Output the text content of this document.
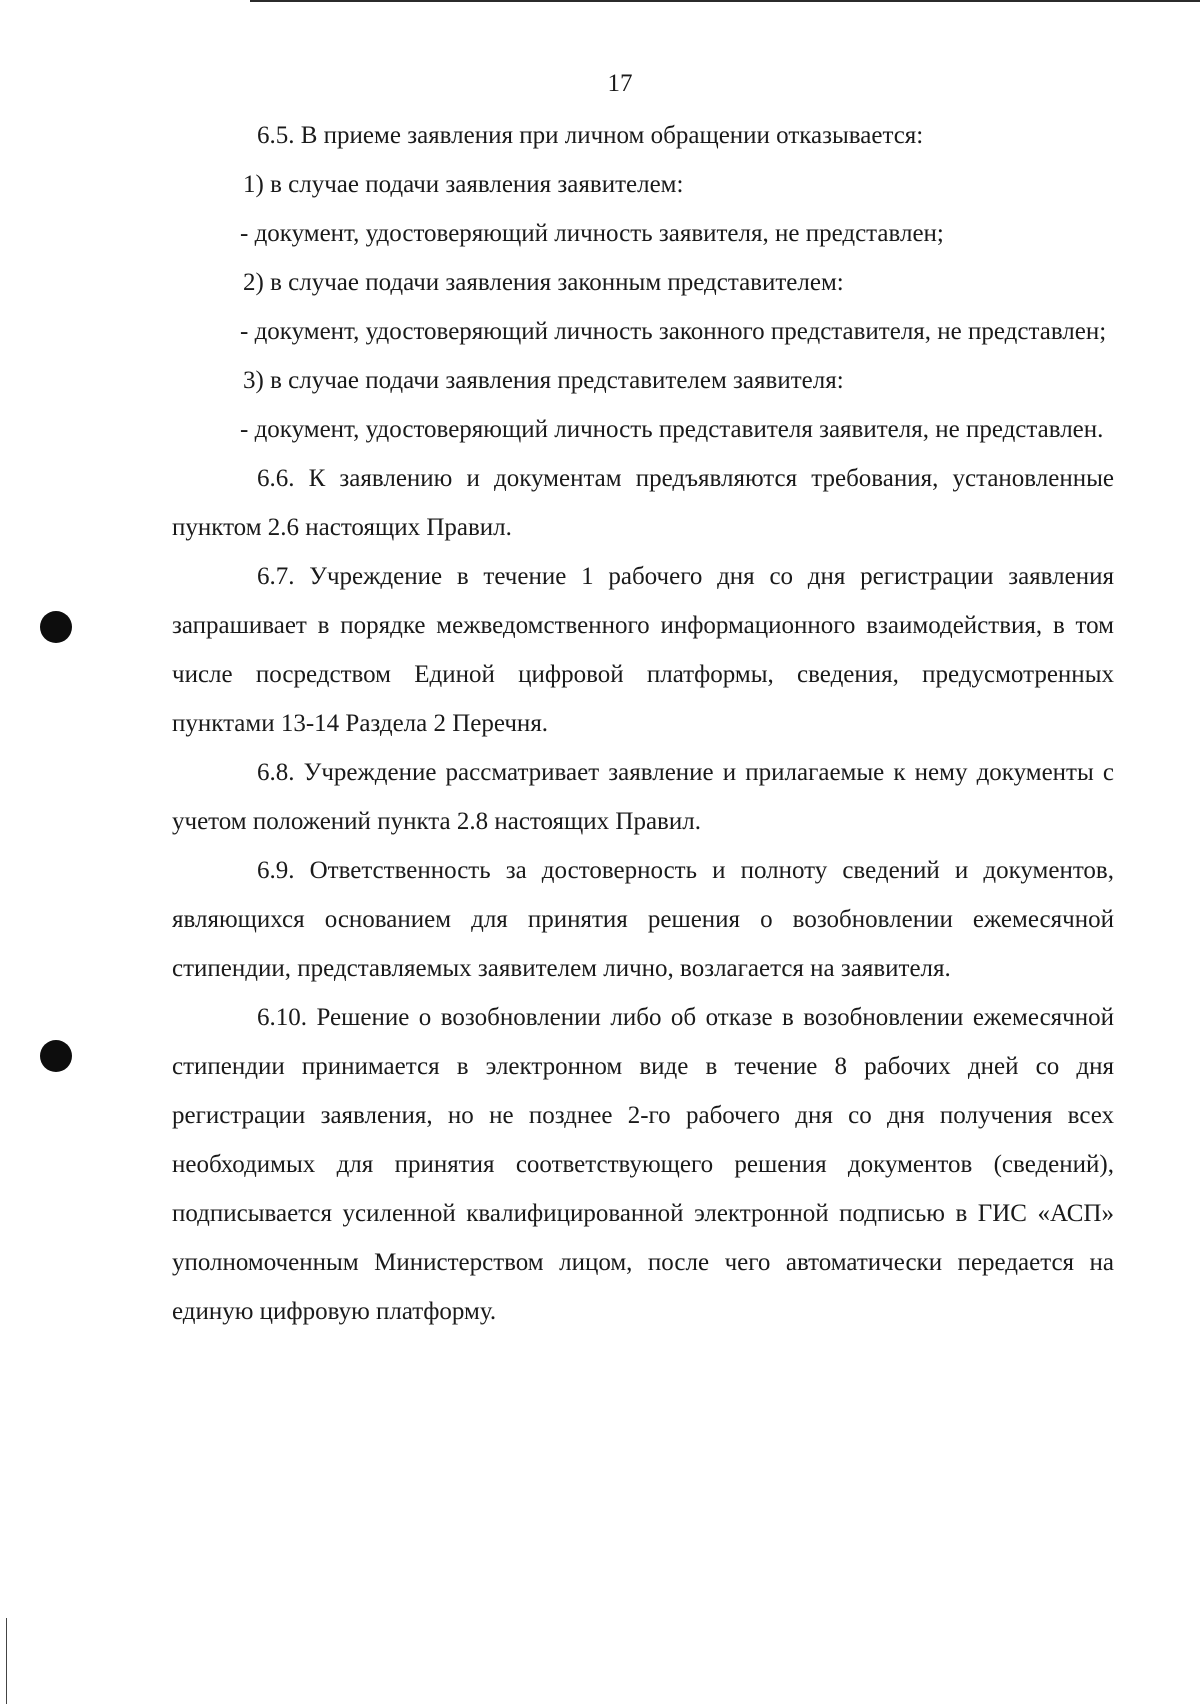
17

6.5. В приеме заявления при личном обращении отказывается:

1) в случае подачи заявления заявителем:

- документ, удостоверяющий личность заявителя, не представлен;

2) в случае подачи заявления законным представителем:

- документ, удостоверяющий личность законного представителя, не представлен;

3) в случае подачи заявления представителем заявителя:

- документ, удостоверяющий личность представителя заявителя, не представлен.

6.6. К заявлению и документам предъявляются требования, установленные пунктом 2.6 настоящих Правил.

6.7. Учреждение в течение 1 рабочего дня со дня регистрации заявления запрашивает в порядке межведомственного информационного взаимодействия, в том числе посредством Единой цифровой платформы, сведения, предусмотренных пунктами 13-14 Раздела 2 Перечня.

6.8. Учреждение рассматривает заявление и прилагаемые к нему документы с учетом положений пункта 2.8 настоящих Правил.

6.9. Ответственность за достоверность и полноту сведений и документов, являющихся основанием для принятия решения о возобновлении ежемесячной стипендии, представляемых заявителем лично, возлагается на заявителя.

6.10. Решение о возобновлении либо об отказе в возобновлении ежемесячной стипендии принимается в электронном виде в течение 8 рабочих дней со дня регистрации заявления, но не позднее 2-го рабочего дня со дня получения всех необходимых для принятия соответствующего решения документов (сведений), подписывается усиленной квалифицированной электронной подписью в ГИС «АСП» уполномоченным Министерством лицом, после чего автоматически передается на единую цифровую платформу.
